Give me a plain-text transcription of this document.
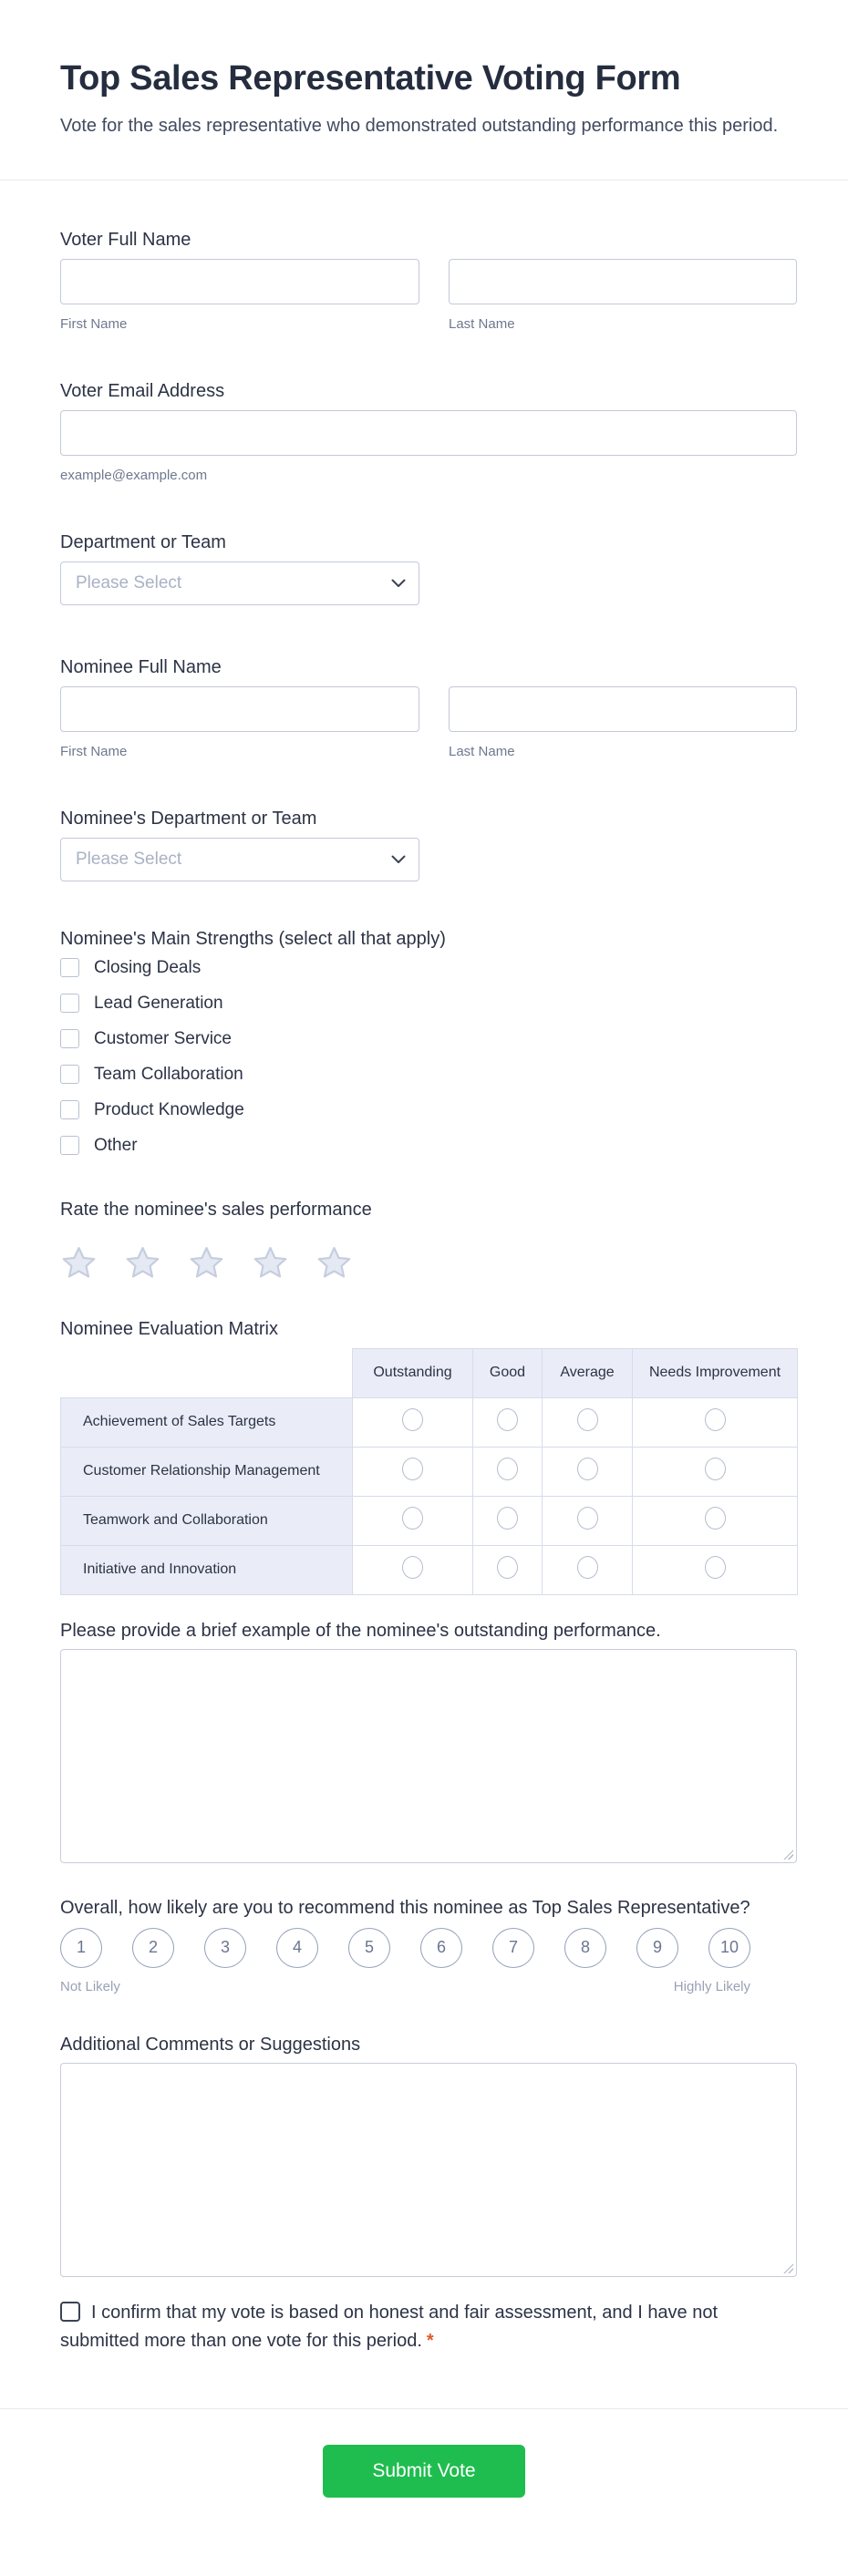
Top Sales Representative Voting Form

Vote for the sales representative who demonstrated outstanding performance this period.

Voter Full Name
First Name	Last Name
Voter Email Address
example@example.com
Department or Team
Please Select
Nominee Full Name
First Name	Last Name
Nominee's Department or Team
Please Select
Nominee's Main Strengths (select all that apply)
Closing Deals
Lead Generation
Customer Service
Team Collaboration
Product Knowledge
Other
Rate the nominee's sales performance
Nominee Evaluation Matrix
	Outstanding	Good	Average	Needs Improvement
Achievement of Sales Targets				
Customer Relationship Management				
Teamwork and Collaboration				
Initiative and Innovation				
Please provide a brief example of the nominee's outstanding performance.
Overall, how likely are you to recommend this nominee as Top Sales Representative?
1	2	3	4	5	6	7	8	9	10
Not Likely	Highly Likely
Additional Comments or Suggestions
I confirm that my vote is based on honest and fair assessment, and I have not submitted more than one vote for this period. *
Submit Vote
